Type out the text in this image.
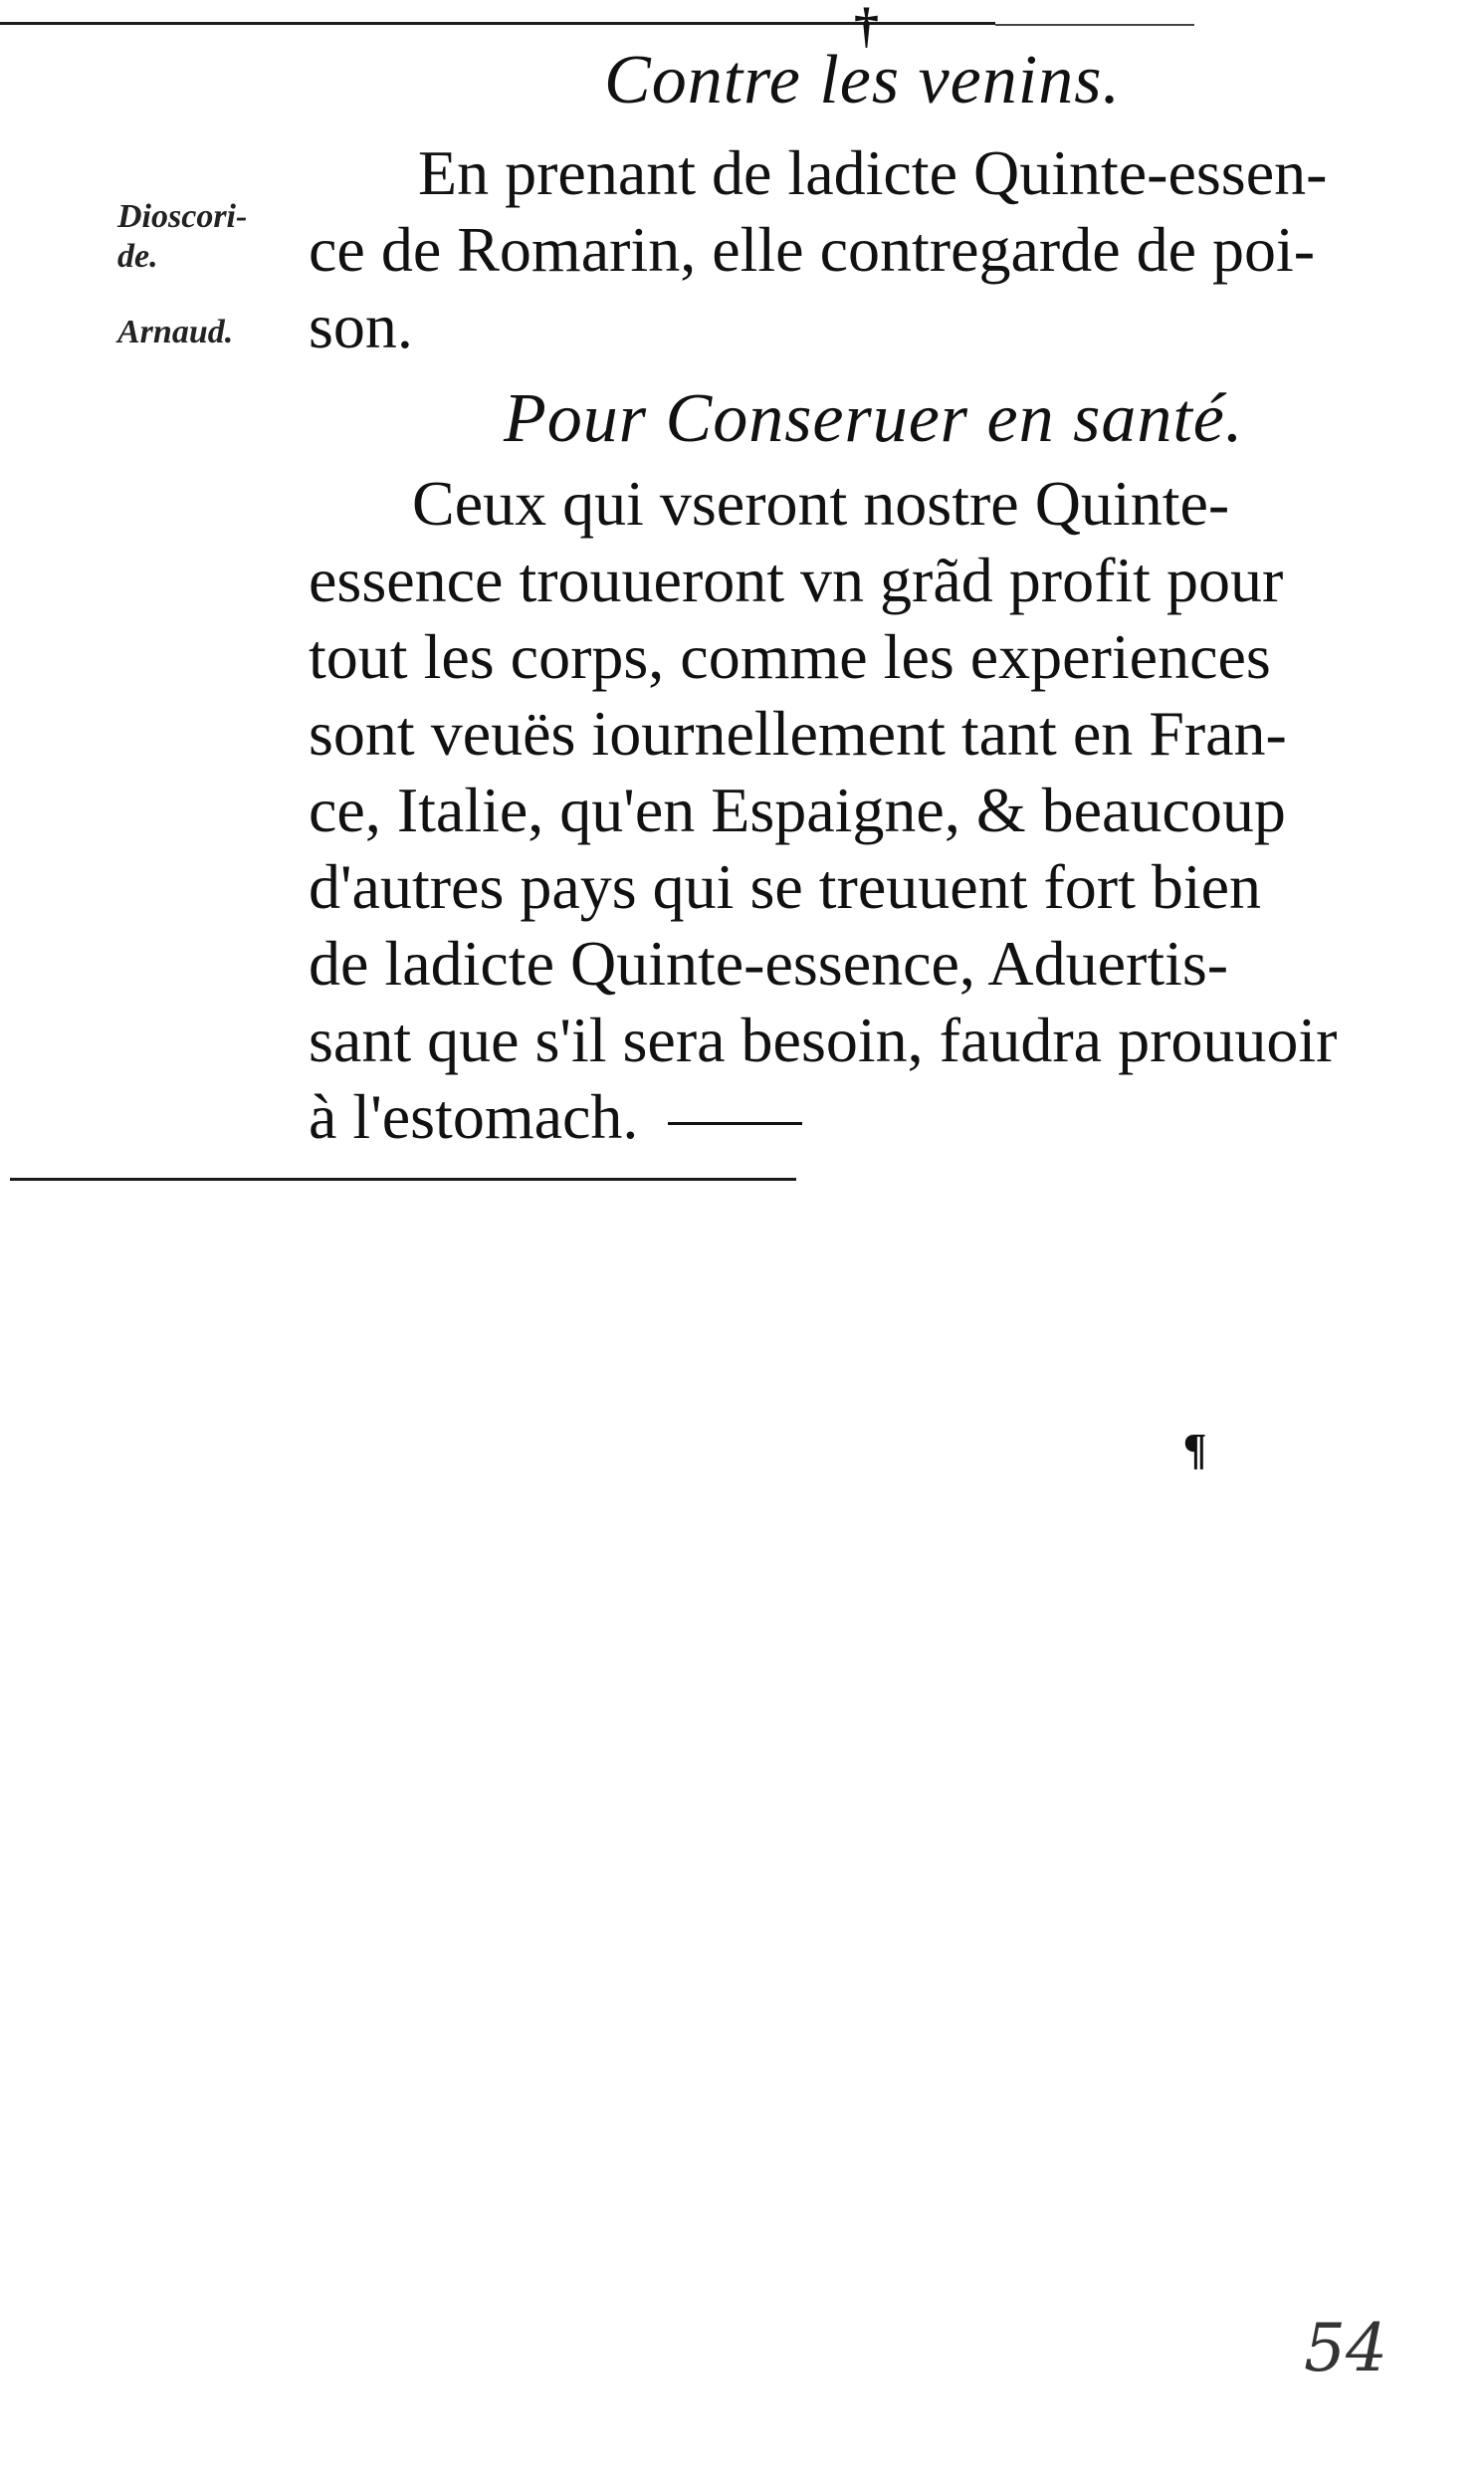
†
Contre les venins.
Dioscori-
de.
Arnaud.
En prenant de ladicte Quinte-essen-
ce de Romarin, elle contregarde de poi-
son.
Pour Conseruer en santé.
Ceux qui vseront nostre Quinte-
essence trouueront vn grãd profit pour
tout les corps, comme les experiences
sont veuës iournellement tant en Fran-
ce, Italie, qu'en Espaigne, & beaucoup
d'autres pays qui se treuuent fort bien
de ladicte Quinte-essence, Aduertis-
sant que s'il sera besoin, faudra prouuoir
à l'estomach.
¶
54
